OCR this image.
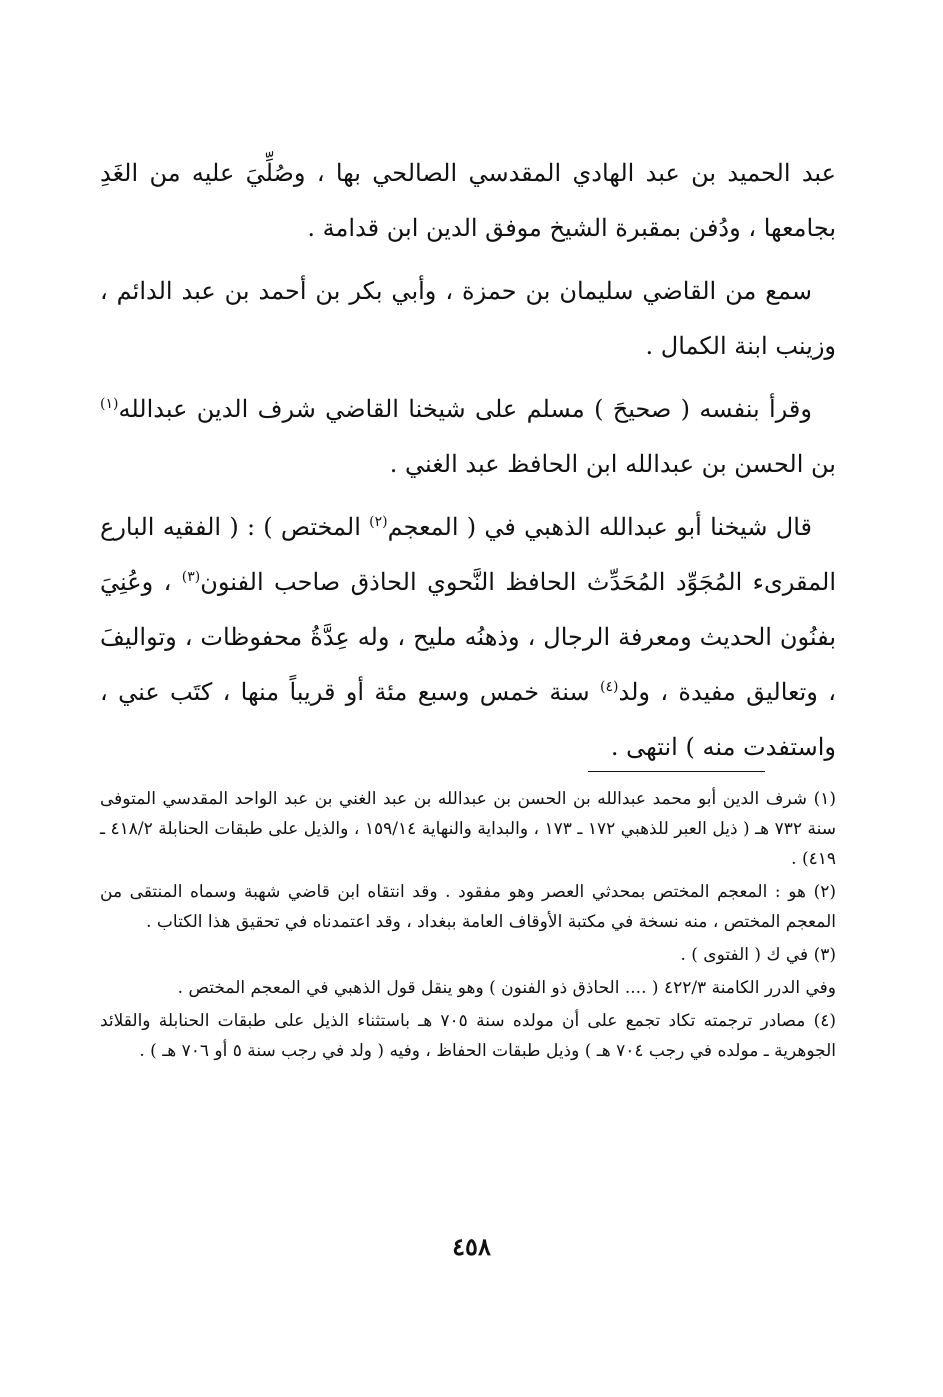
عبد الحميد بن عبد الهادي المقدسي الصالحي بها ، وصُلِّيَ عليه من الغَدِ بجامعها ، ودُفن بمقبرة الشيخ موفق الدين ابن قدامة .

سمع من القاضي سليمان بن حمزة ، وأبي بكر بن أحمد بن عبد الدائم ، وزينب ابنة الكمال .

وقرأ بنفسه ( صحيحَ ) مسلم على شيخنا القاضي شرف الدين عبدالله$^{(١)}$ بن الحسن بن عبدالله ابن الحافظ عبد الغني .

قال شيخنا أبو عبدالله الذهبي في ( المعجم$^{(٢)}$ المختص ) : ( الفقيه البارع المقرىء المُجَوِّد المُحَدِّث الحافظ النَّحوي الحاذق صاحب الفنون$^{(٣)}$ ، وعُنِيَ بفنُون الحديث ومعرفة الرجال ، وذهنُه مليح ، وله عِدَّةُ محفوظات ، وتواليفَ ، وتعاليق مفيدة ، ولد$^{(٤)}$ سنة خمس وسبع مئة أو قريباً منها ، كتَب عني ، واستفدت منه ) انتهى .

(١) شرف الدين أبو محمد عبدالله بن الحسن بن عبدالله بن عبد الغني بن عبد الواحد المقدسي المتوفى سنة ٧٣٢ هـ ( ذيل العبر للذهبي ١٧٢ ـ ١٧٣ ، والبداية والنهاية ١٥٩/١٤ ، والذيل على طبقات الحنابلة ٤١٨/٢ ـ ٤١٩) .

(٢) هو : المعجم المختص بمحدثي العصر وهو مفقود . وقد انتقاه ابن قاضي شهبة وسماه المنتقى من المعجم المختص ، منه نسخة في مكتبة الأوقاف العامة ببغداد ، وقد اعتمدناه في تحقيق هذا الكتاب .

(٣) في ك ( الفتوى ) .

وفي الدرر الكامنة ٤٢٢/٣ ( .... الحاذق ذو الفنون ) وهو ينقل قول الذهبي في المعجم المختص .

(٤) مصادر ترجمته تكاد تجمع على أن مولده سنة ٧٠٥ هـ باستثناء الذيل على طبقات الحنابلة والقلائد الجوهرية ـ مولده في رجب ٧٠٤ هـ ) وذيل طبقات الحفاظ ، وفيه ( ولد في رجب سنة ٥ أو ٧٠٦ هـ ) .

٤٥٨
